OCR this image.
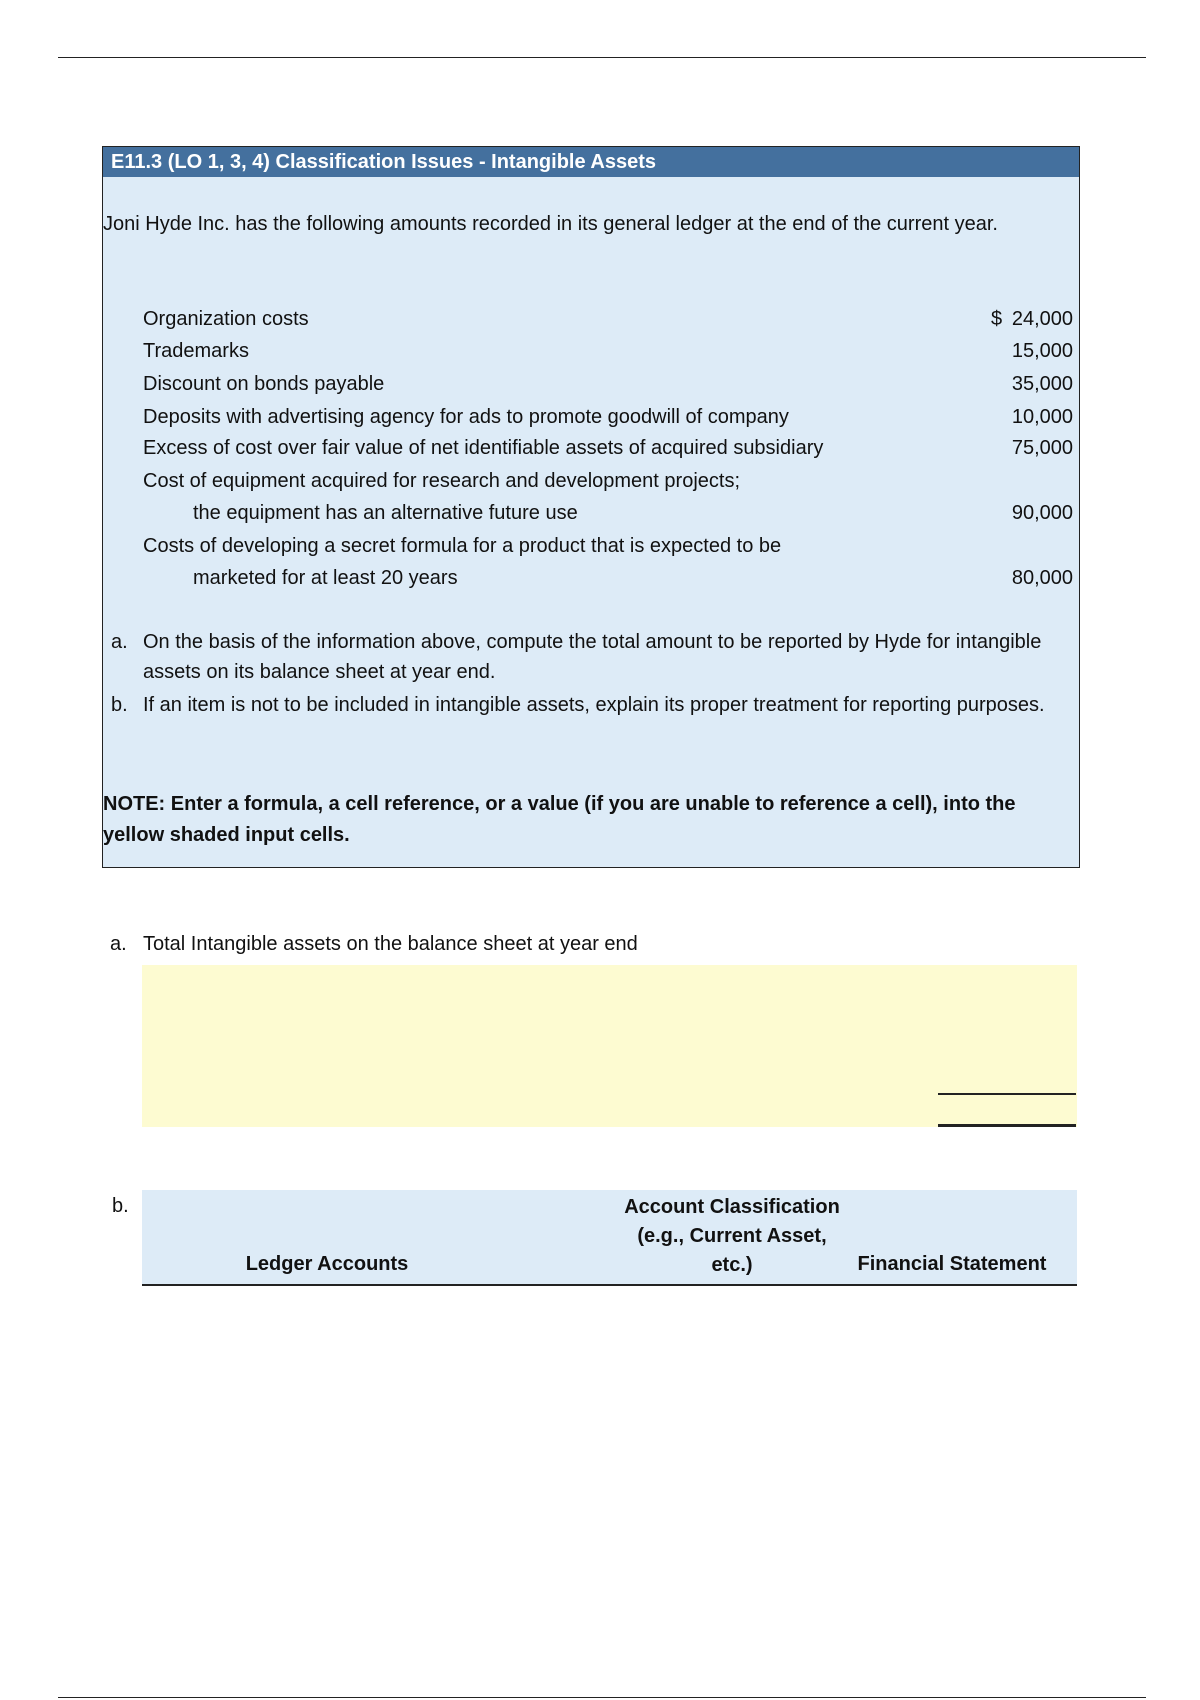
E11.3 (LO 1, 3, 4) Classification Issues - Intangible Assets
Joni Hyde Inc. has the following amounts recorded in its general ledger at the end of the current year.
Organization costs	$ 24,000
Trademarks	15,000
Discount on bonds payable	35,000
Deposits with advertising agency for ads to promote goodwill of company	10,000
Excess of cost over fair value of net identifiable assets of acquired subsidiary	75,000
Cost of equipment acquired for research and development projects;
the equipment has an alternative future use	90,000
Costs of developing a secret formula for a product that is expected to be
marketed for at least 20 years	80,000
a. On the basis of the information above, compute the total amount to be reported by Hyde for intangible assets on its balance sheet at year end.
b. If an item is not to be included in intangible assets, explain its proper treatment for reporting purposes.
NOTE: Enter a formula, a cell reference, or a value (if you are unable to reference a cell), into the yellow shaded input cells.
a. Total Intangible assets on the balance sheet at year end
b.
Ledger Accounts
Account Classification
(e.g., Current Asset,
etc.)	Financial Statement
